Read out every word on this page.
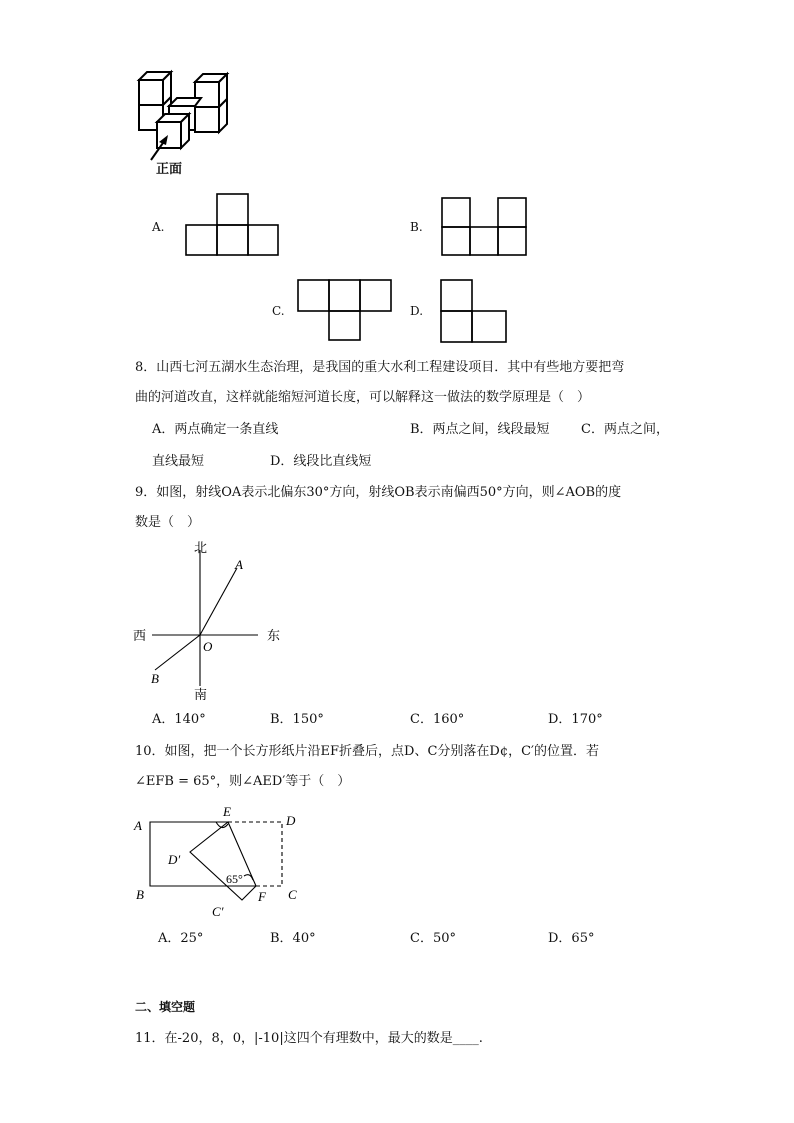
正面
A.	B.
C.	D.
8．山西七河五湖水生态治理，是我国的重大水利工程建设项目．其中有些地方要把弯
曲的河道改直，这样就能缩短河道长度，可以解释这一做法的数学原理是（　）
A．两点确定一条直线	B．两点之间，线段最短 C．两点之间，
直线最短	D．线段比直线短
9．如图，射线OA表示北偏东30°方向，射线OB表示南偏西50°方向，则∠AOB的度
数是（　）
北
南
东
西
O
A
B
A．140°	B．150°	C．160°	D．170°
10．如图，把一个长方形纸片沿EF折叠后，点D、C分别落在D¢，C′的位置．若
∠EFB = 65°，则∠AED′等于（　）
A
B	C
D
E
F
D′
C′
65°
A．25°	B．40°	C．50°	D．65°
二、填空题
11．在-20，8，0，|-10|这四个有理数中，最大的数是____.
